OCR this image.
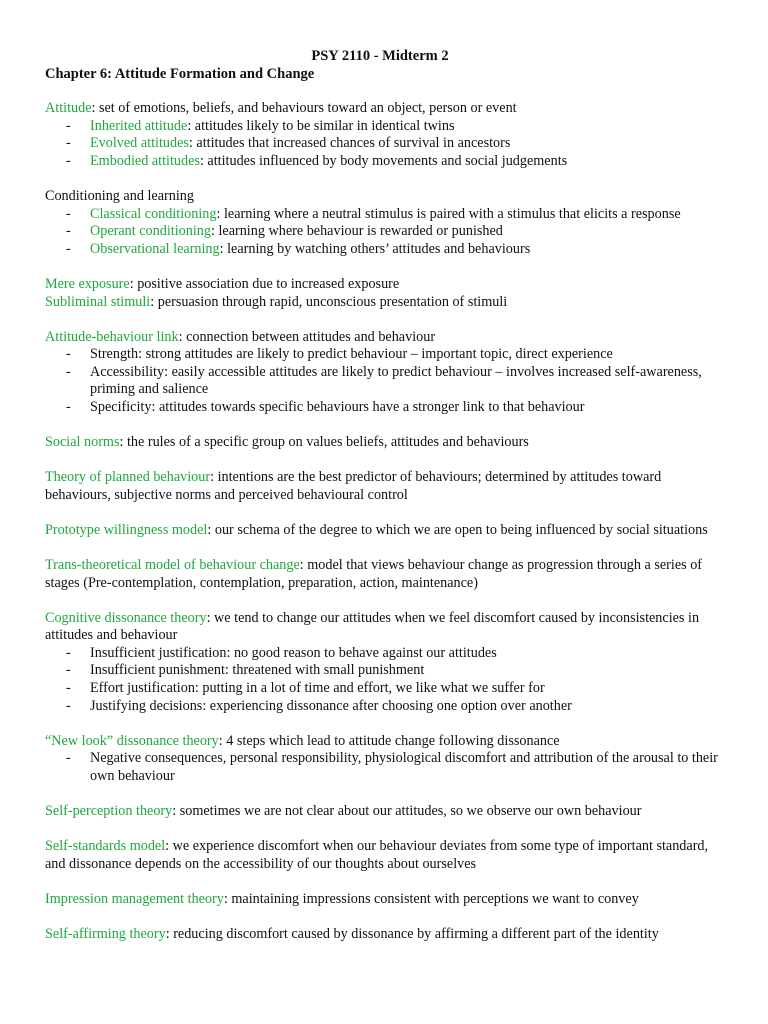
PSY 2110 - Midterm 2
Chapter 6: Attitude Formation and Change

Attitude: set of emotions, beliefs, and behaviours toward an object, person or event

- Inherited attitude: attitudes likely to be similar in identical twins
- Evolved attitudes: attitudes that increased chances of survival in ancestors
- Embodied attitudes: attitudes influenced by body movements and social judgements

Conditioning and learning

- Classical conditioning: learning where a neutral stimulus is paired with a stimulus that elicits a response
- Operant conditioning: learning where behaviour is rewarded or punished
- Observational learning: learning by watching others’ attitudes and behaviours

Mere exposure: positive association due to increased exposure

Subliminal stimuli: persuasion through rapid, unconscious presentation of stimuli

Attitude-behaviour link: connection between attitudes and behaviour

- Strength: strong attitudes are likely to predict behaviour – important topic, direct experience
- Accessibility: easily accessible attitudes are likely to predict behaviour – involves increased self-awareness, priming and salience
- Specificity: attitudes towards specific behaviours have a stronger link to that behaviour

Social norms: the rules of a specific group on values beliefs, attitudes and behaviours

Theory of planned behaviour: intentions are the best predictor of behaviours; determined by attitudes toward behaviours, subjective norms and perceived behavioural control

Prototype willingness model: our schema of the degree to which we are open to being influenced by social situations

Trans-theoretical model of behaviour change: model that views behaviour change as progression through a series of stages (Pre-contemplation, contemplation, preparation, action, maintenance)

Cognitive dissonance theory: we tend to change our attitudes when we feel discomfort caused by inconsistencies in attitudes and behaviour

- Insufficient justification: no good reason to behave against our attitudes
- Insufficient punishment: threatened with small punishment
- Effort justification: putting in a lot of time and effort, we like what we suffer for
- Justifying decisions: experiencing dissonance after choosing one option over another

“New look” dissonance theory: 4 steps which lead to attitude change following dissonance

- Negative consequences, personal responsibility, physiological discomfort and attribution of the arousal to their own behaviour

Self-perception theory: sometimes we are not clear about our attitudes, so we observe our own behaviour

Self-standards model: we experience discomfort when our behaviour deviates from some type of important standard, and dissonance depends on the accessibility of our thoughts about ourselves

Impression management theory: maintaining impressions consistent with perceptions we want to convey

Self-affirming theory: reducing discomfort caused by dissonance by affirming a different part of the identity
